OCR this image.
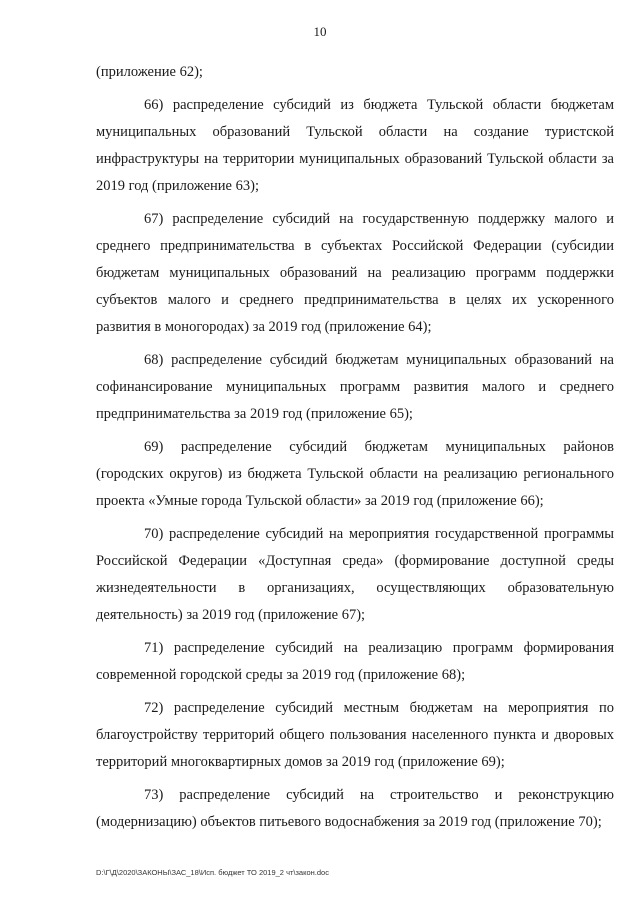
10

(приложение 62);

66) распределение субсидий из бюджета Тульской области бюджетам муниципальных образований Тульской области на создание туристской инфраструктуры на территории муниципальных образований Тульской области за 2019 год (приложение 63);

67) распределение субсидий на государственную поддержку малого и среднего предпринимательства в субъектах Российской Федерации (субсидии бюджетам муниципальных образований на реализацию программ поддержки субъектов малого и среднего предпринимательства в целях их ускоренного развития в моногородах) за 2019 год (приложение 64);

68) распределение субсидий бюджетам муниципальных образований на софинансирование муниципальных программ развития малого и среднего предпринимательства за 2019 год (приложение 65);

69) распределение субсидий бюджетам муниципальных районов (городских округов) из бюджета Тульской области на реализацию регионального проекта «Умные города Тульской области» за 2019 год (приложение 66);

70) распределение субсидий на мероприятия государственной программы Российской Федерации «Доступная среда» (формирование доступной среды жизнедеятельности в организациях, осуществляющих образовательную деятельность) за 2019 год (приложение 67);

71) распределение субсидий на реализацию программ формирования современной городской среды за 2019 год (приложение 68);

72) распределение субсидий местным бюджетам на мероприятия по благоустройству территорий общего пользования населенного пункта и дворовых территорий многоквартирных домов за 2019 год (приложение 69);

73) распределение субсидий на строительство и реконструкцию (модернизацию) объектов питьевого водоснабжения за 2019 год (приложение 70);

D:\Г\Д\2020\ЗАКОНЫ\ЗАС_18\Исп. бюджет ТО 2019_2 чт\закон.doc
